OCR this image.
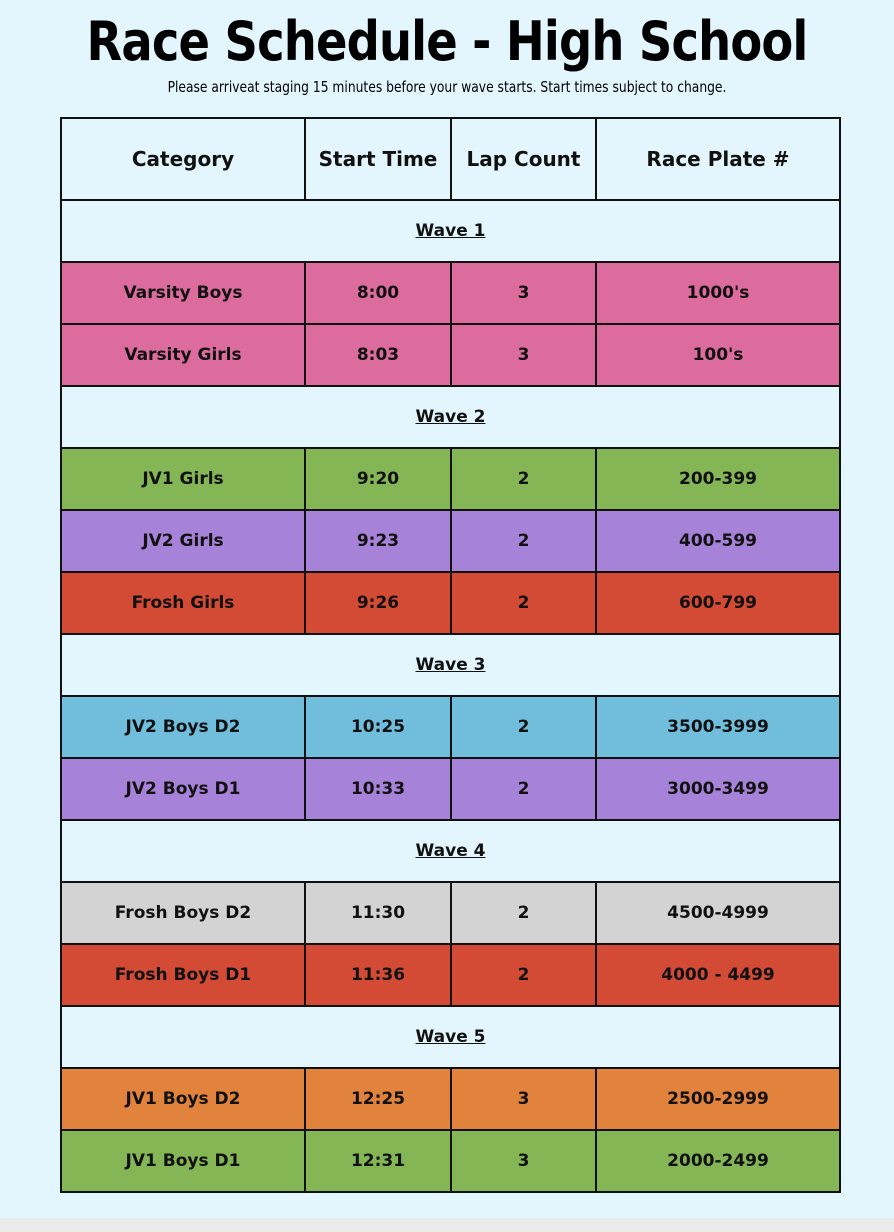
Race Schedule - High School
Please arriveat staging 15 minutes before your wave starts. Start times subject to change.
Category	Start Time	Lap Count	Race Plate #
Wave 1			
Varsity Boys	8:00	3	1000's
Varsity Girls	8:03	3	100's
Wave 2			
JV1 Girls	9:20	2	200-399
JV2 Girls	9:23	2	400-599
Frosh Girls	9:26	2	600-799
Wave 3			
JV2 Boys D2	10:25	2	3500-3999
JV2 Boys D1	10:33	2	3000-3499
Wave 4			
Frosh Boys D2	11:30	2	4500-4999
Frosh Boys D1	11:36	2	4000 - 4499
Wave 5			
JV1 Boys D2	12:25	3	2500-2999
JV1 Boys D1	12:31	3	2000-2499
